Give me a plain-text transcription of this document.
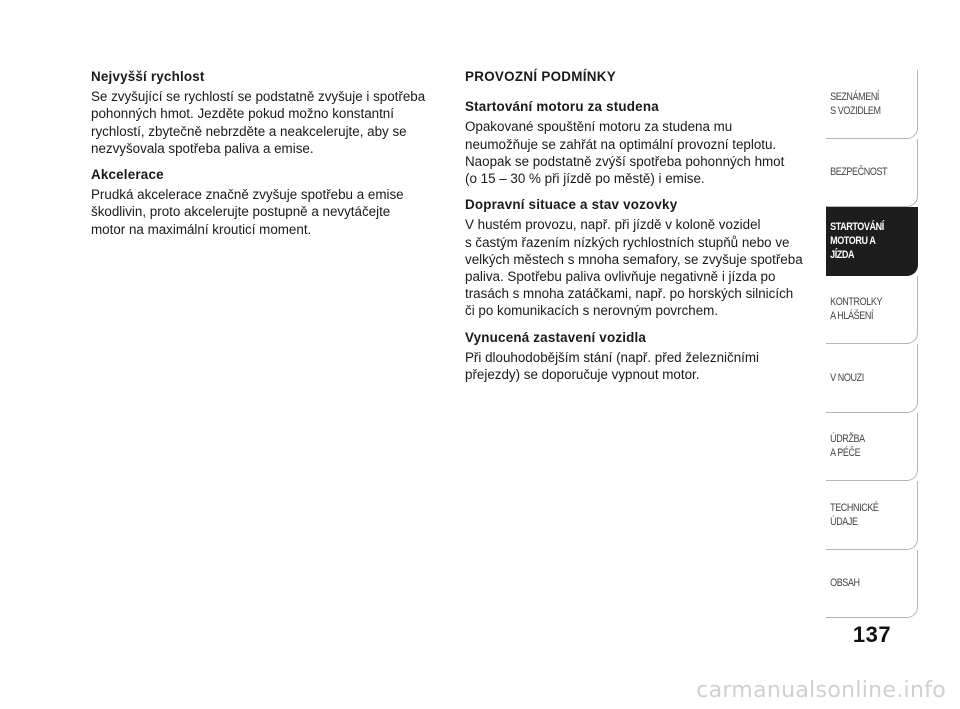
Nejvyšší rychlost

Se zvyšující se rychlostí se podstatně zvyšuje i spotřeba
pohonných hmot. Jezděte pokud možno konstantní
rychlostí, zbytečně nebrzděte a neakcelerujte, aby se
nezvyšovala spotřeba paliva a emise.

Akcelerace

Prudká akcelerace značně zvyšuje spotřebu a emise
škodlivin, proto akcelerujte postupně a nevytáčejte
motor na maximální krouticí moment.

PROVOZNÍ PODMÍNKY
Startování motoru za studena

Opakované spouštění motoru za studena mu
neumožňuje se zahřát na optimální provozní teplotu.
Naopak se podstatně zvýší spotřeba pohonných hmot
(o 15 – 30 % při jízdě po městě) i emise.

Dopravní situace a stav vozovky

V hustém provozu, např. při jízdě v koloně vozidel
s častým řazením nízkých rychlostních stupňů nebo ve
velkých městech s mnoha semafory, se zvyšuje spotřeba
paliva. Spotřebu paliva ovlivňuje negativně i jízda po
trasách s mnoha zatáčkami, např. po horských silnicích
či po komunikacích s nerovným povrchem.

Vynucená zastavení vozidla

Při dlouhodobějším stání (např. před železničními
přejezdy) se doporučuje vypnout motor.

SEZNÁMENÍ
S VOZIDLEM
BEZPEČNOST
STARTOVÁNÍ
MOTORU A JÍZDA
KONTROLKY
A HLÁŠENÍ
V NOUZI
ÚDRŽBA
A PÉČE
TECHNICKÉ
ÚDAJE
OBSAH
137
carmanualsonline.info
